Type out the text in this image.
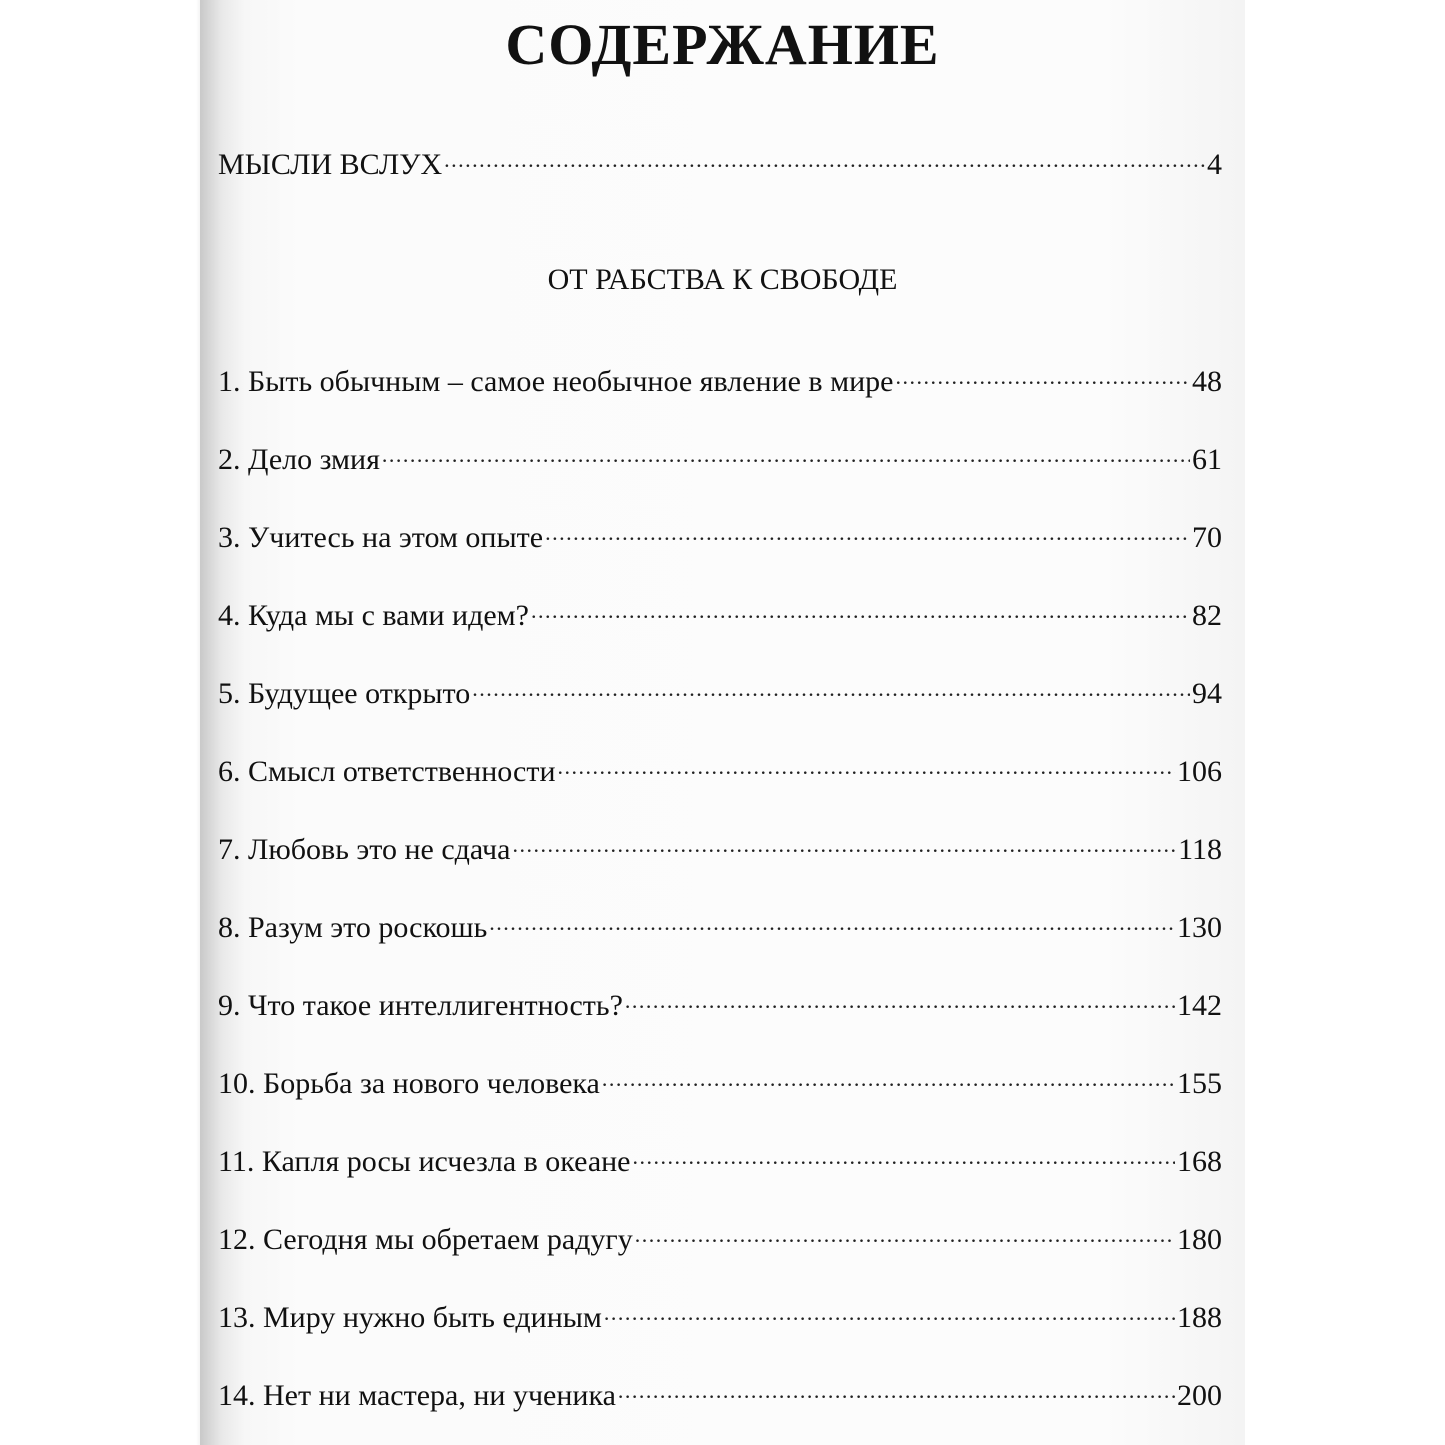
СОДЕРЖАНИЕ
МЫСЛИ ВСЛУХ . . .	4
ОТ РАБСТВА К СВОБОДЕ
1. Быть обычным – самое необычное явление в мире . . .	48
2. Дело змия . . .	61
3. Учитесь на этом опыте . . .	70
4. Куда мы с вами идем? . . .	82
5. Будущее открыто . . .	94
6. Смысл ответственности . . .	106
7. Любовь это не сдача . . .	118
8. Разум это роскошь . . .	130
9. Что такое интеллигентность? . . .	142
10. Борьба за нового человека . . .	155
11. Капля росы исчезла в океане . . .	168
12. Сегодня мы обретаем радугу . . .	180
13. Миру нужно быть единым . . .	188
14. Нет ни мастера, ни ученика . . .	200
